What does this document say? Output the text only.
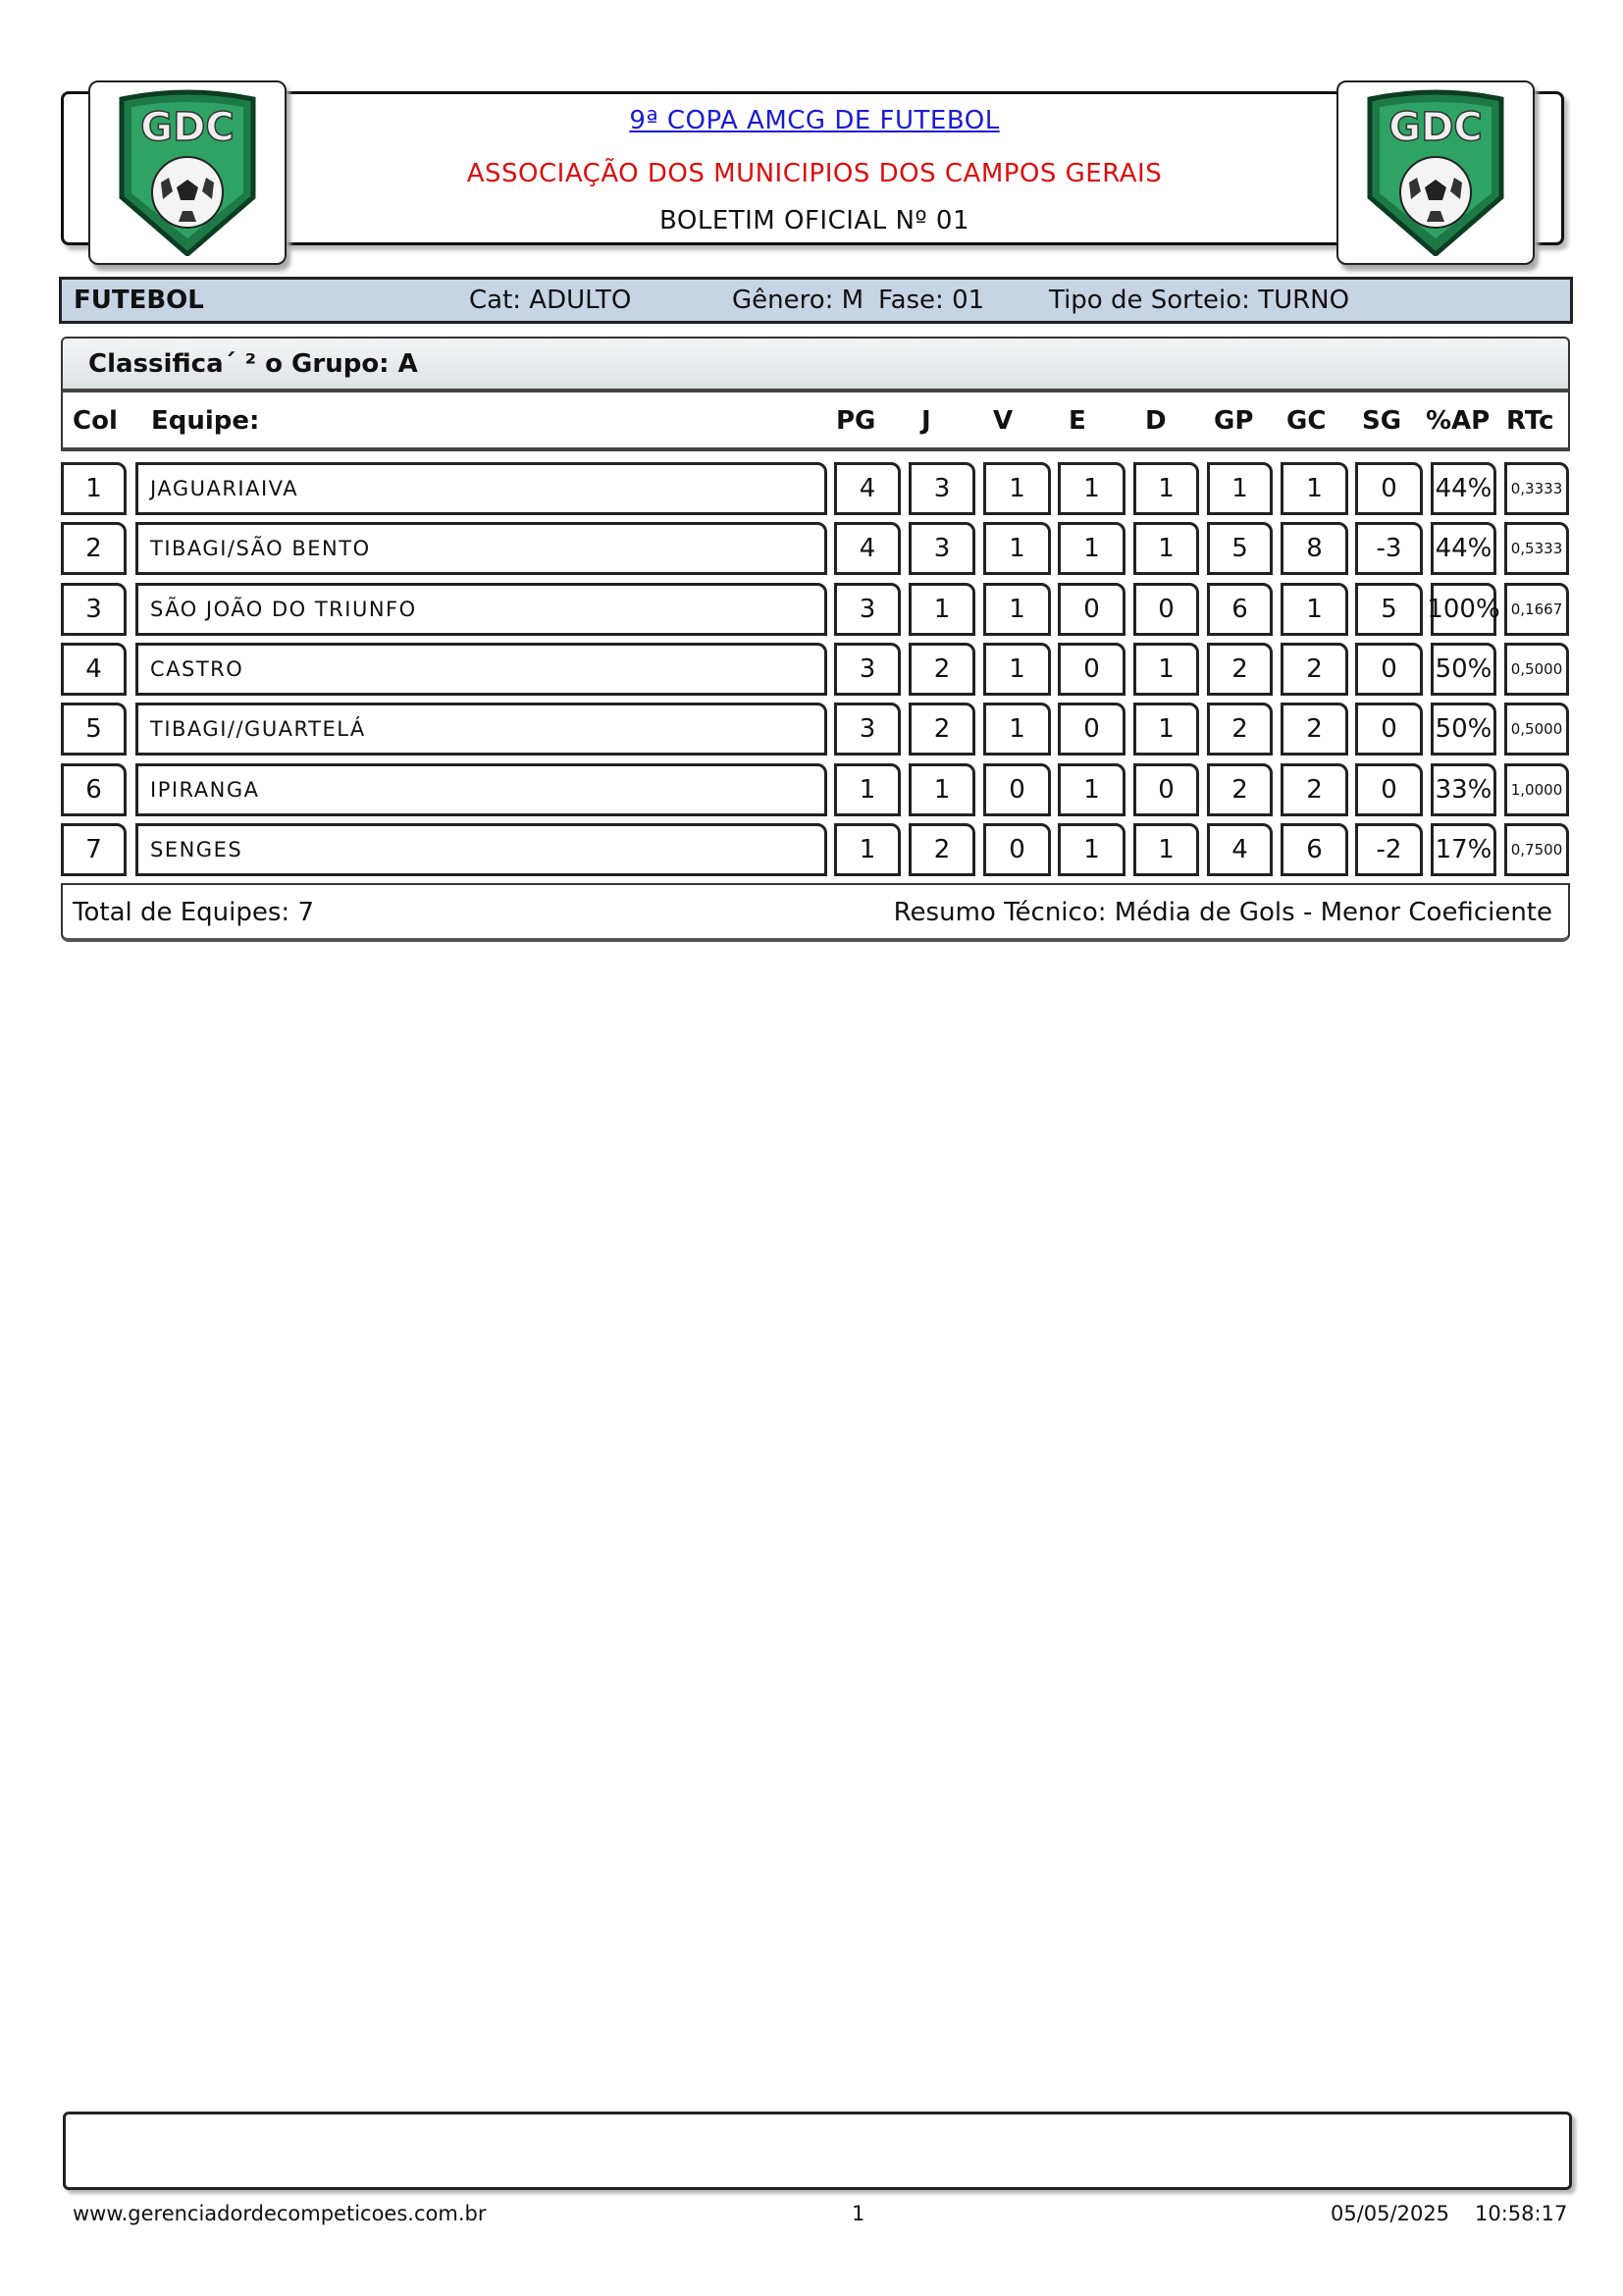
GDC	GDC
9ª COPA AMCG DE FUTEBOL
ASSOCIAÇÃO DOS MUNICIPIOS DOS CAMPOS GERAIS
BOLETIM OFICIAL Nº 01
FUTEBOL	Cat: ADULTO	Gênero: M Fase: 01	Tipo de Sorteio: TURNO
Classifica´ ² o Grupo: A
Col Equipe:	PG J V E D GP GC SG %AP RTc
1	JAGUARIAIVA	4	3	1	1	1	1	1	0	44%	0,3333
2	TIBAGI/SÃO BENTO	4	3	1	1	1	5	8	-3	44%	0,5333
3	SÃO JOÃO DO TRIUNFO	3	1	1	0	0	6	1	5	100% 0,1667
4	CASTRO	3	2	1	0	1	2	2	0	50%	0,5000
5	TIBAGI//GUARTELÁ	3	2	1	0	1	2	2	0	50%	0,5000
6	IPIRANGA	1	1	0	1	0	2	2	0	33%	1,0000
7	SENGES	1	2	0	1	1	4	6	-2	17%	0,7500
Total de Equipes: 7	Resumo Técnico: Média de Gols - Menor Coeficiente
www.gerenciadordecompeticoes.com.br	1	05/05/2025 10:58:17
